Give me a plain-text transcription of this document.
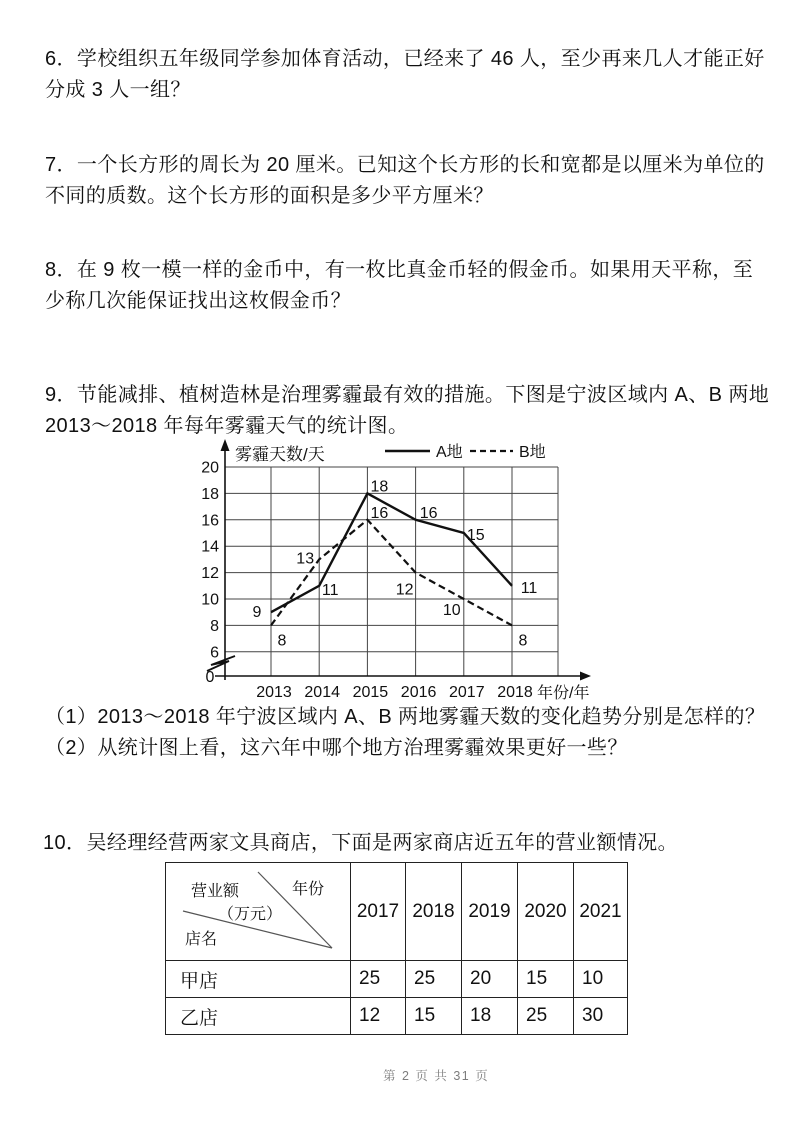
6．学校组织五年级同学参加体育活动，已经来了 46 人，至少再来几人才能正好
分成 3 人一组？
7．一个长方形的周长为 20 厘米。已知这个长方形的长和宽都是以厘米为单位的
不同的质数。这个长方形的面积是多少平方厘米？
8．在 9 枚一模一样的金币中，有一枚比真金币轻的假金币。如果用天平称，至
少称几次能保证找出这枚假金币？
9．节能减排、植树造林是治理雾霾最有效的措施。下图是宁波区域内 A、B 两地
2013～2018 年每年雾霾天气的统计图。
A地	B地
雾霾天数/天
年份/年
0
6
8
10
12
14
16
18
20
2013 2014 2015 2016 2017 2018
9
11
18
16
15
11
8
13
16
12
10
8
（1）2013～2018 年宁波区域内 A、B 两地雾霾天数的变化趋势分别是怎样的？
（2）从统计图上看，这六年中哪个地方治理雾霾效果更好一些？
10．吴经理经营两家文具商店，下面是两家商店近五年的营业额情况。
营业额
（万元）
年份
店名	2017	2018	2019	2020	2021
甲店	25	25	20	15	10
乙店	12	15	18	25	30
第 2 页 共 31 页
